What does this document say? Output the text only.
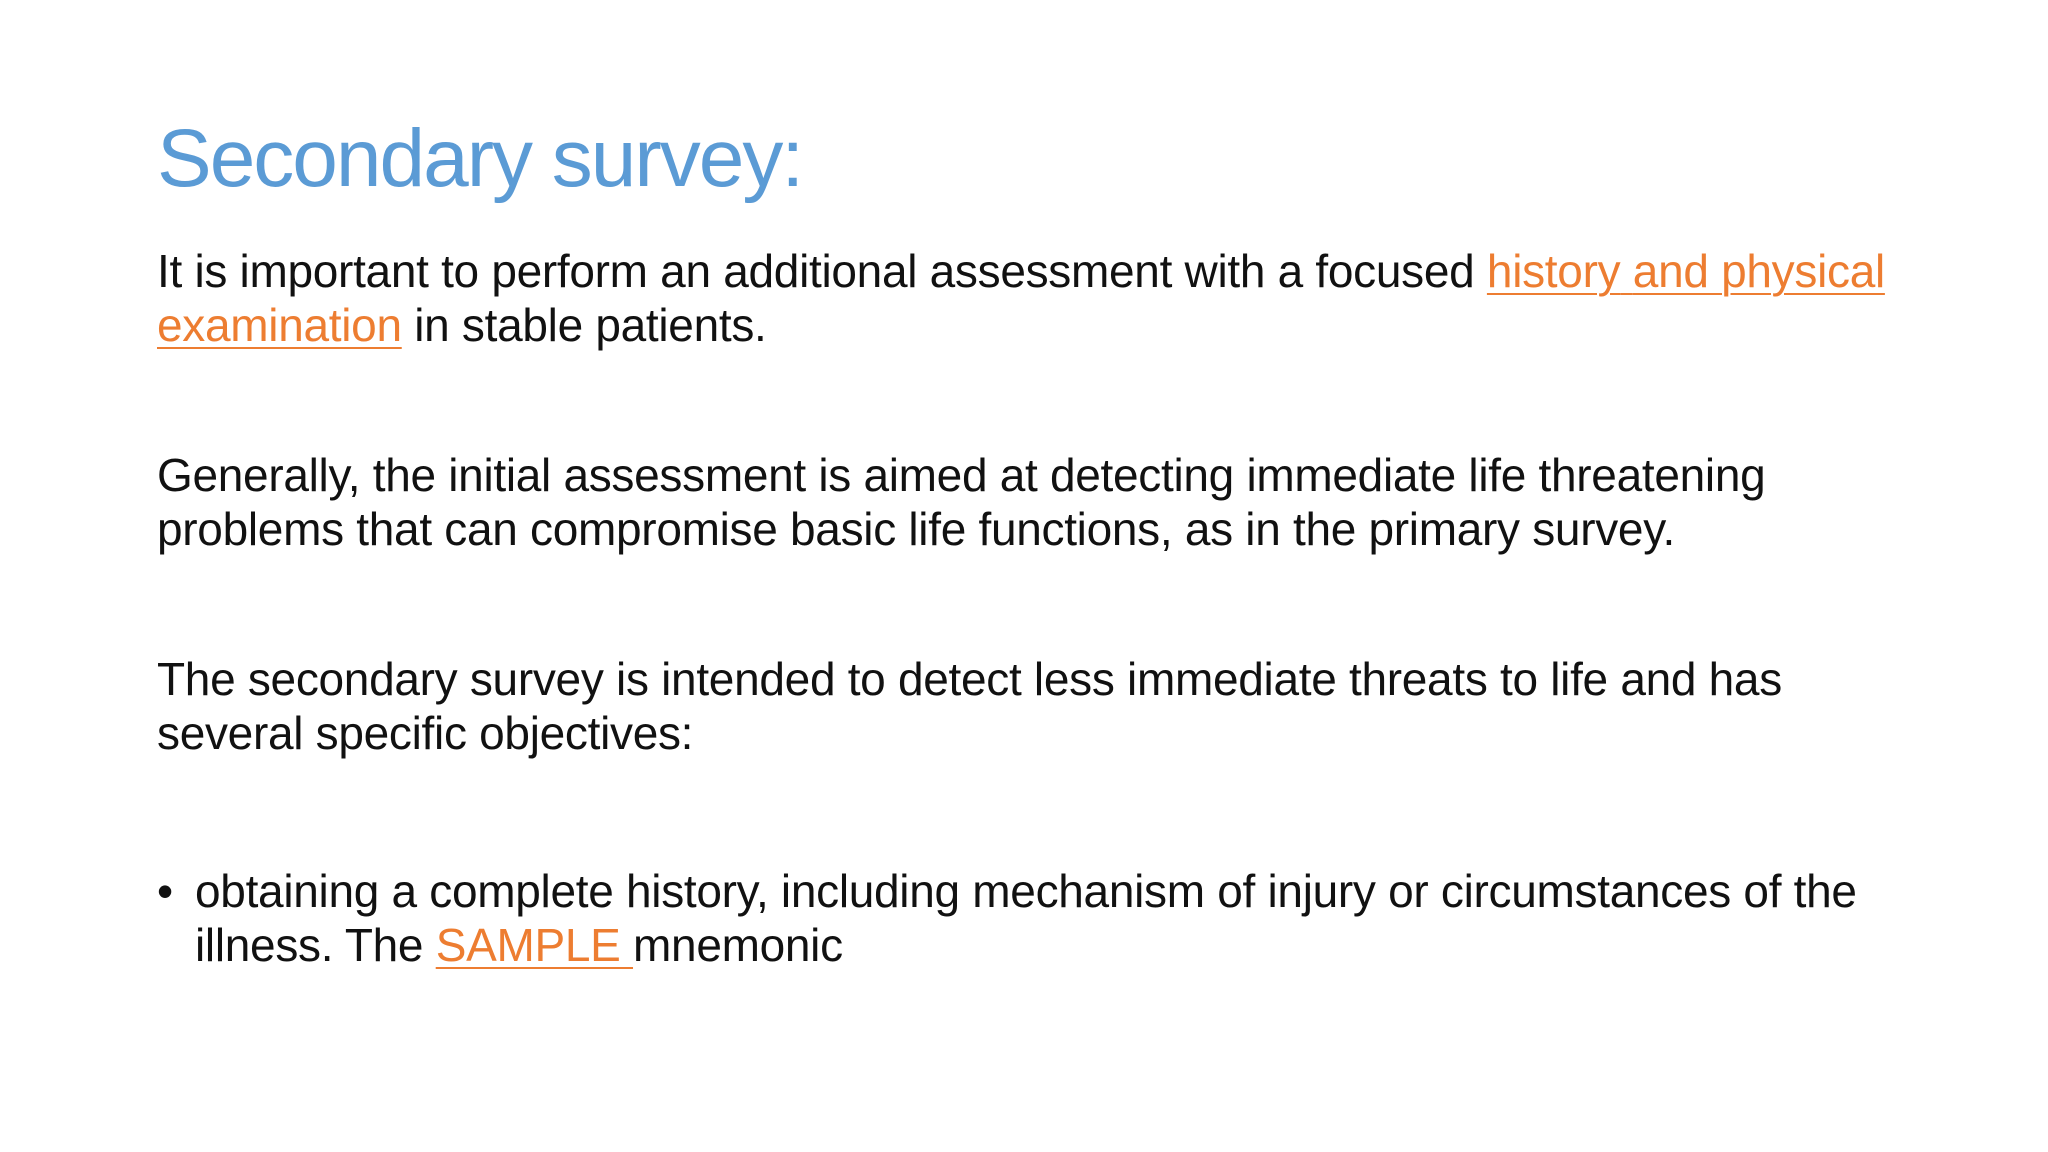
Secondary survey:

It is important to perform an additional assessment with a focused history and physical examination in stable patients.

Generally, the initial assessment is aimed at detecting immediate life threatening problems that can compromise basic life functions, as in the primary survey.

The secondary survey is intended to detect less immediate threats to life and has several specific objectives:

• obtaining a complete history, including mechanism of injury or circumstances of the illness. The SAMPLE mnemonic
